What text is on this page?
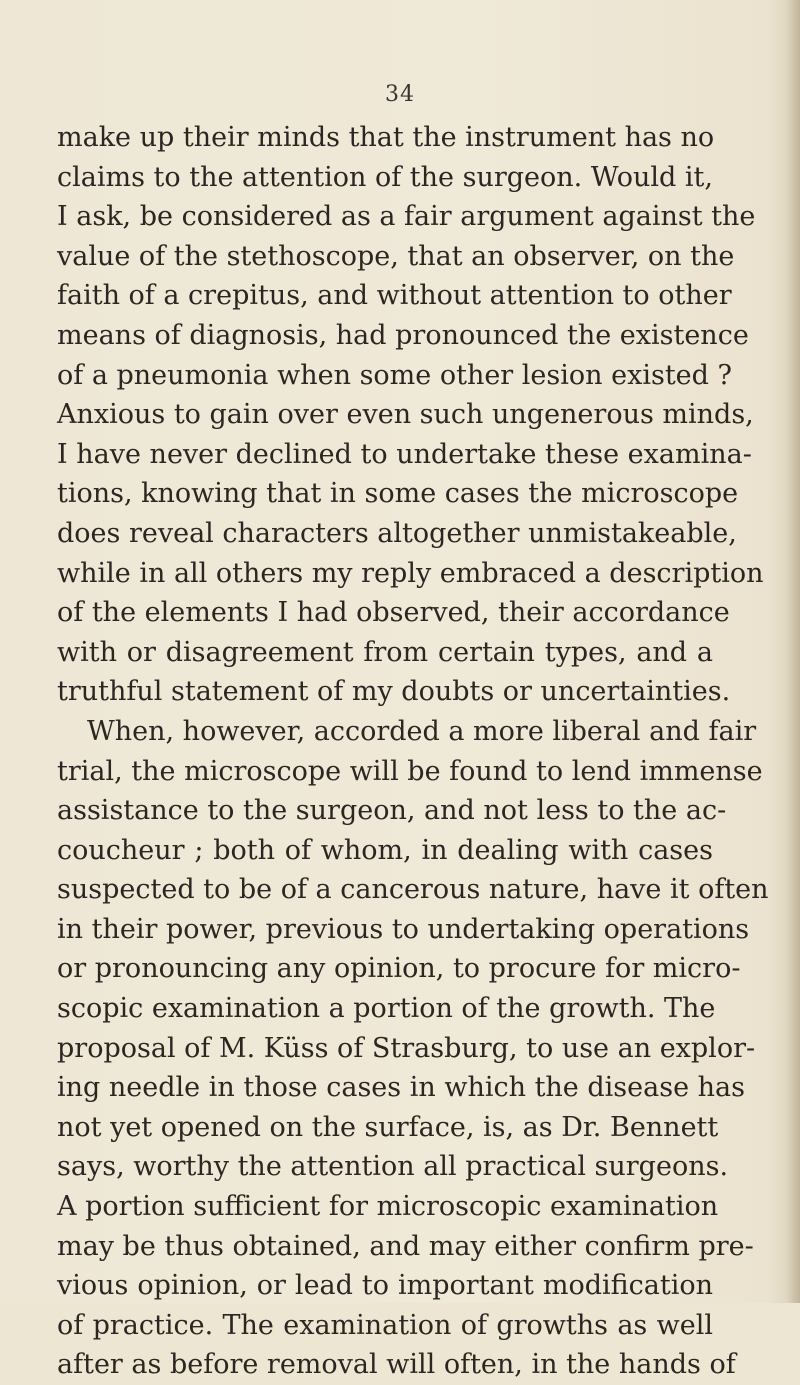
34
make up their minds that the instrument has no
claims to the attention of the surgeon. Would it,
I ask, be considered as a fair argument against the
value of the stethoscope, that an observer, on the
faith of a crepitus, and without attention to other
means of diagnosis, had pronounced the existence
of a pneumonia when some other lesion existed ?
Anxious to gain over even such ungenerous minds,
I have never declined to undertake these examina-
tions, knowing that in some cases the microscope
does reveal characters altogether unmistakeable,
while in all others my reply embraced a description
of the elements I had observed, their accordance
with or disagreement from certain types, and a
truthful statement of my doubts or uncertainties.
When, however, accorded a more liberal and fair
trial, the microscope will be found to lend immense
assistance to the surgeon, and not less to the ac-
coucheur ; both of whom, in dealing with cases
suspected to be of a cancerous nature, have it often
in their power, previous to undertaking operations
or pronouncing any opinion, to procure for micro-
scopic examination a portion of the growth. The
proposal of M. Küss of Strasburg, to use an explor-
ing needle in those cases in which the disease has
not yet opened on the surface, is, as Dr. Bennett
says, worthy the attention all practical surgeons.
A portion sufficient for microscopic examination
may be thus obtained, and may either confirm pre-
vious opinion, or lead to important modification
of practice. The examination of growths as well
after as before removal will often, in the hands of
